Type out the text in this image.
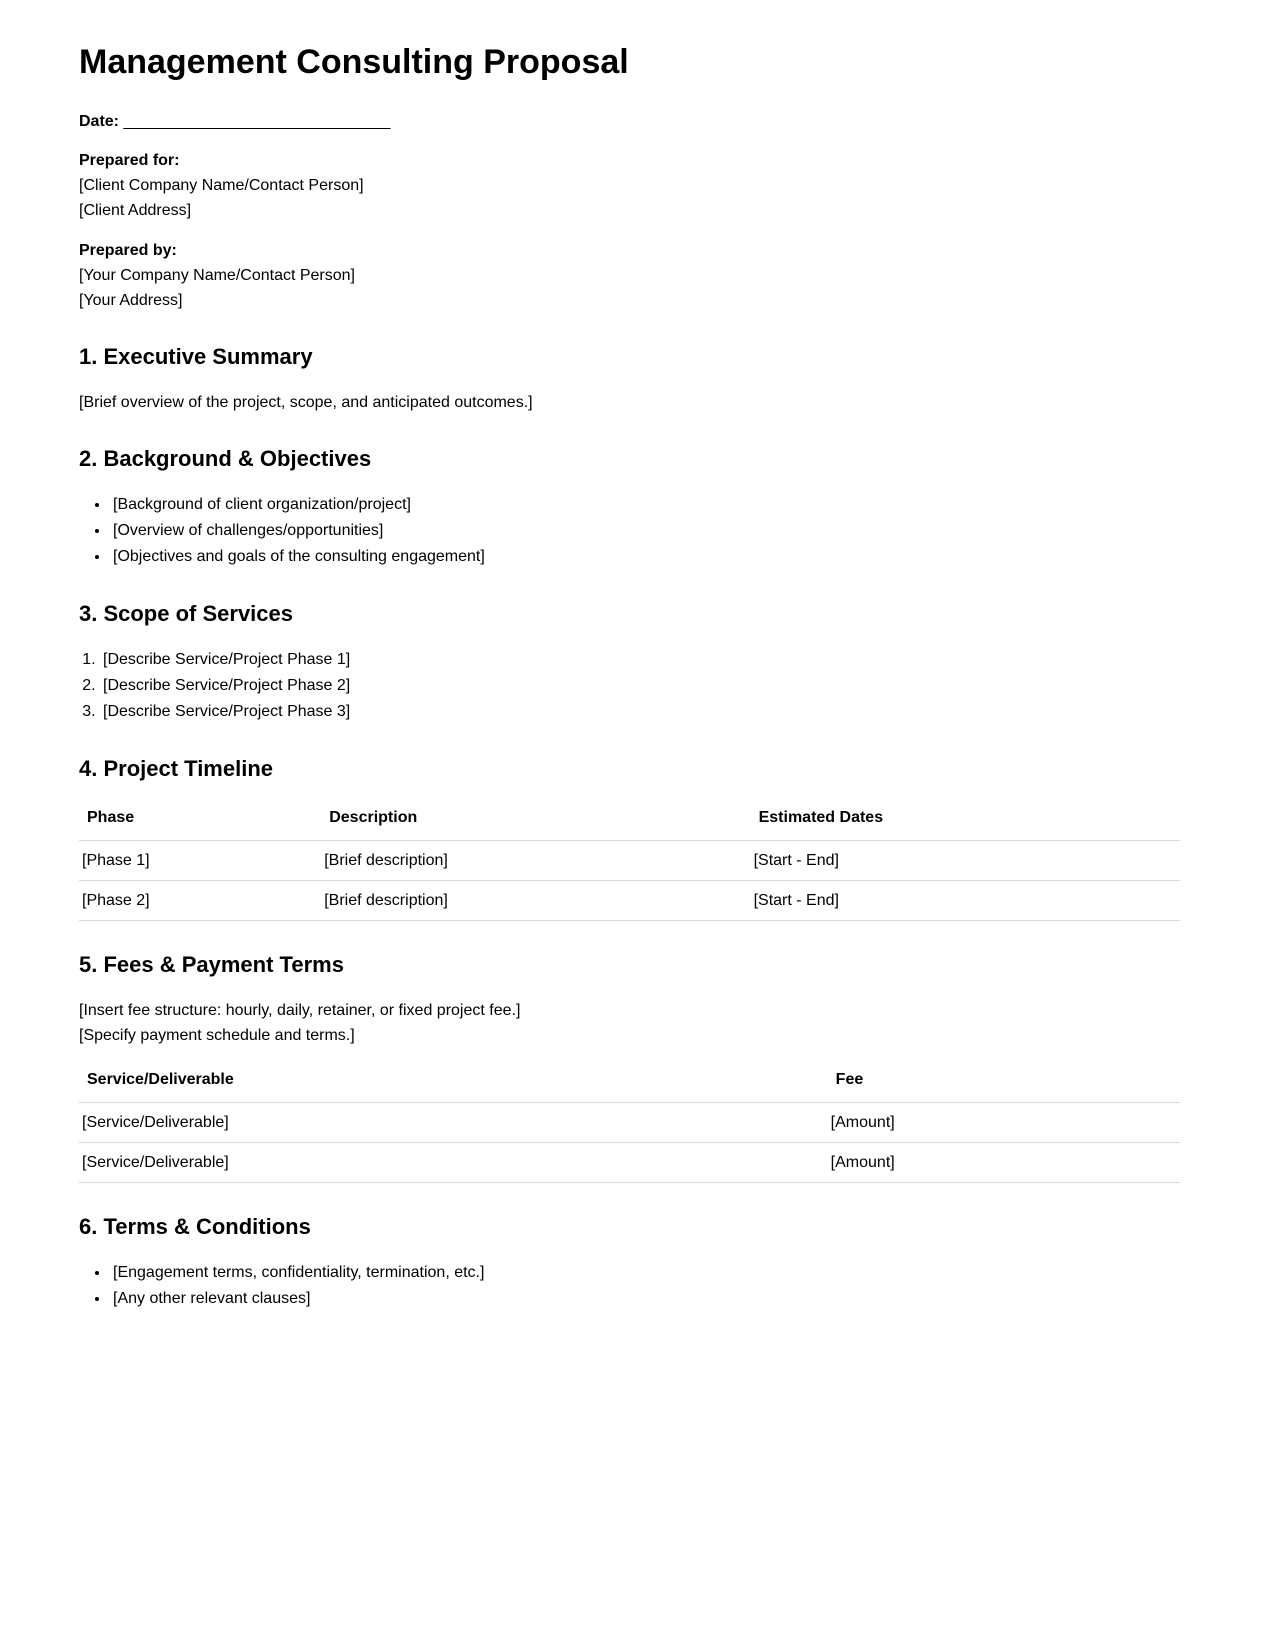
Management Consulting Proposal
Date: ______________________________
Prepared for:
[Client Company Name/Contact Person]
[Client Address]
Prepared by:
[Your Company Name/Contact Person]
[Your Address]
1. Executive Summary

[Brief overview of the project, scope, and anticipated outcomes.]

2. Background & Objectives
• [Background of client organization/project]
• [Overview of challenges/opportunities]
• [Objectives and goals of the consulting engagement]
3. Scope of Services
1. [Describe Service/Project Phase 1]
2. [Describe Service/Project Phase 2]
3. [Describe Service/Project Phase 3]
4. Project Timeline
Phase	Description	Estimated Dates
[Phase 1]	[Brief description]	[Start - End]
[Phase 2]	[Brief description]	[Start - End]
5. Fees & Payment Terms
[Insert fee structure: hourly, daily, retainer, or fixed project fee.]
[Specify payment schedule and terms.]
Service/Deliverable	Fee
[Service/Deliverable]	[Amount]
[Service/Deliverable]	[Amount]
6. Terms & Conditions
• [Engagement terms, confidentiality, termination, etc.]
• [Any other relevant clauses]
